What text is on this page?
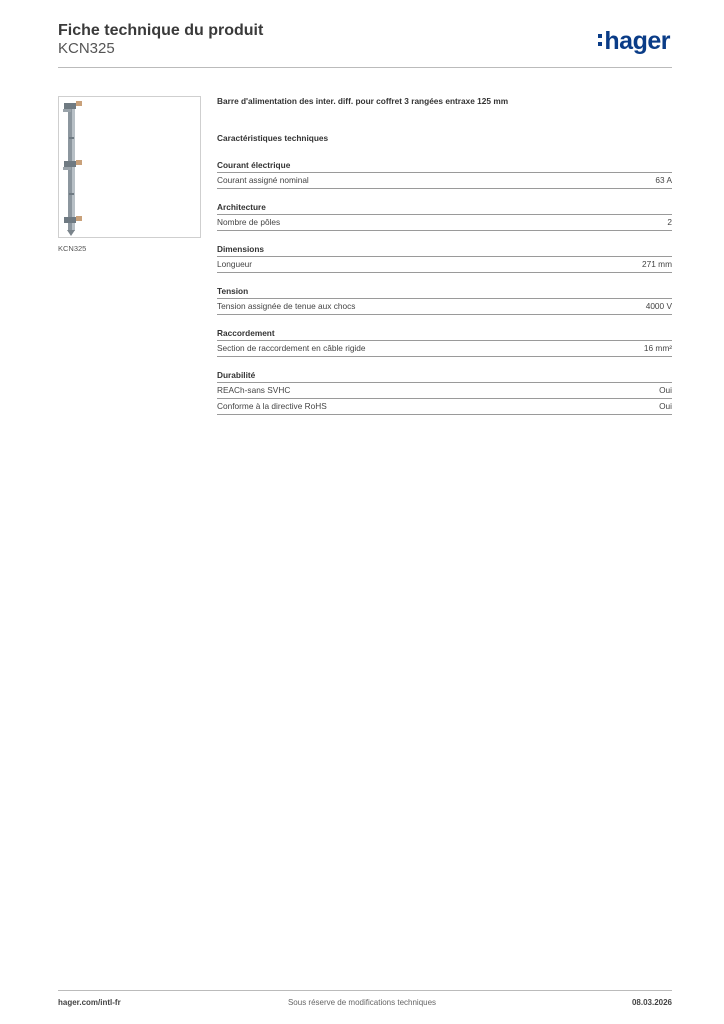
Fiche technique du produit

KCN325	hager
KCN325

Barre d'alimentation des inter. diff. pour coffret 3 rangées entraxe 125 mm

Caractéristiques techniques

Courant électrique

Courant assigné nominal	63 A

Architecture

Nombre de pôles	2

Dimensions

Longueur	271 mm

Tension

Tension assignée de tenue aux chocs	4000 V

Raccordement

Section de raccordement en câble rigide	16 mm²

Durabilité

REACh-sans SVHC	Oui
Conforme à la directive RoHS	Oui
hager.com/intl-fr	Sous réserve de modifications techniques	08.03.2026
